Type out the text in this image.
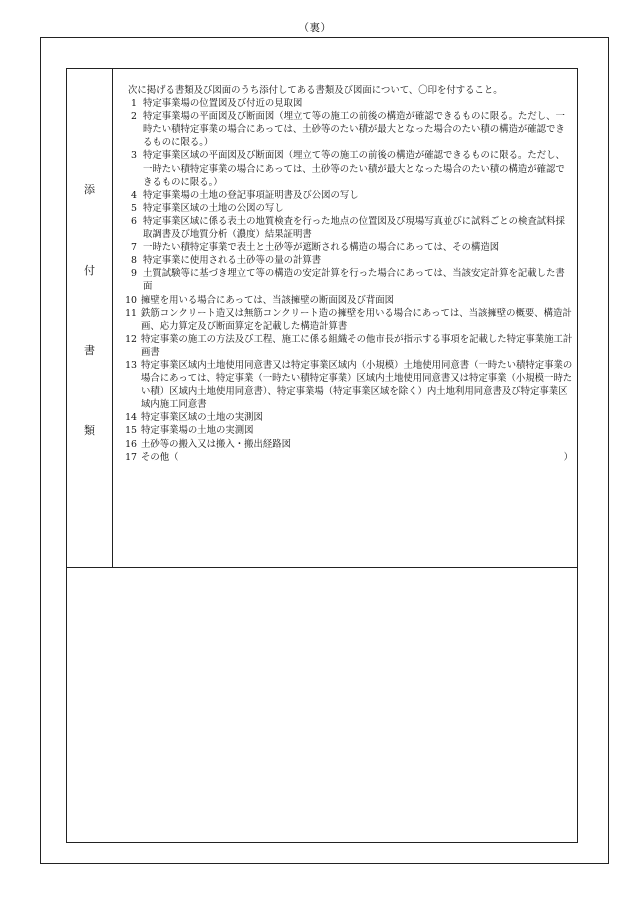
（裏）
添
付
書
類

次に掲げる書類及び図面のうち添付してある書類及び図面について、〇印を付すること。

1 特定事業場の位置図及び付近の見取図
2 特定事業場の平面図及び断面図（埋立て等の施工の前後の構造が確認できるものに限る。ただし、一時たい積特定事業の場合にあっては、土砂等のたい積が最大となった場合のたい積の構造が確認できるものに限る。）
3 特定事業区域の平面図及び断面図（埋立て等の施工の前後の構造が確認できるものに限る。ただし、一時たい積特定事業の場合にあっては、土砂等のたい積が最大となった場合のたい積の構造が確認できるものに限る。）
4 特定事業場の土地の登記事項証明書及び公図の写し
5 特定事業区域の土地の公図の写し
6 特定事業区域に係る表土の地質検査を行った地点の位置図及び現場写真並びに試料ごとの検査試料採取調書及び地質分析（濃度）結果証明書
7 一時たい積特定事業で表土と土砂等が遮断される構造の場合にあっては、その構造図
8 特定事業に使用される土砂等の量の計算書
9 土質試験等に基づき埋立て等の構造の安定計算を行った場合にあっては、当該安定計算を記載した書面
10 擁壁を用いる場合にあっては、当該擁壁の断面図及び背面図
11 鉄筋コンクリート造又は無筋コンクリート造の擁壁を用いる場合にあっては、当該擁壁の概要、構造計画、応力算定及び断面算定を記載した構造計算書
12 特定事業の施工の方法及び工程、施工に係る組織その他市長が指示する事項を記載した特定事業施工計画書
13 特定事業区域内土地使用同意書又は特定事業区域内（小規模）土地使用同意書（一時たい積特定事業の場合にあっては、特定事業（一時たい積特定事業）区域内土地使用同意書又は特定事業（小規模一時たい積）区域内土地使用同意書）、特定事業場（特定事業区域を除く）内土地利用同意書及び特定事業区域内施工同意書
14 特定事業区域の土地の実測図
15 特定事業場の土地の実測図
16 土砂等の搬入又は搬入・搬出経路図
17 その他（	）
